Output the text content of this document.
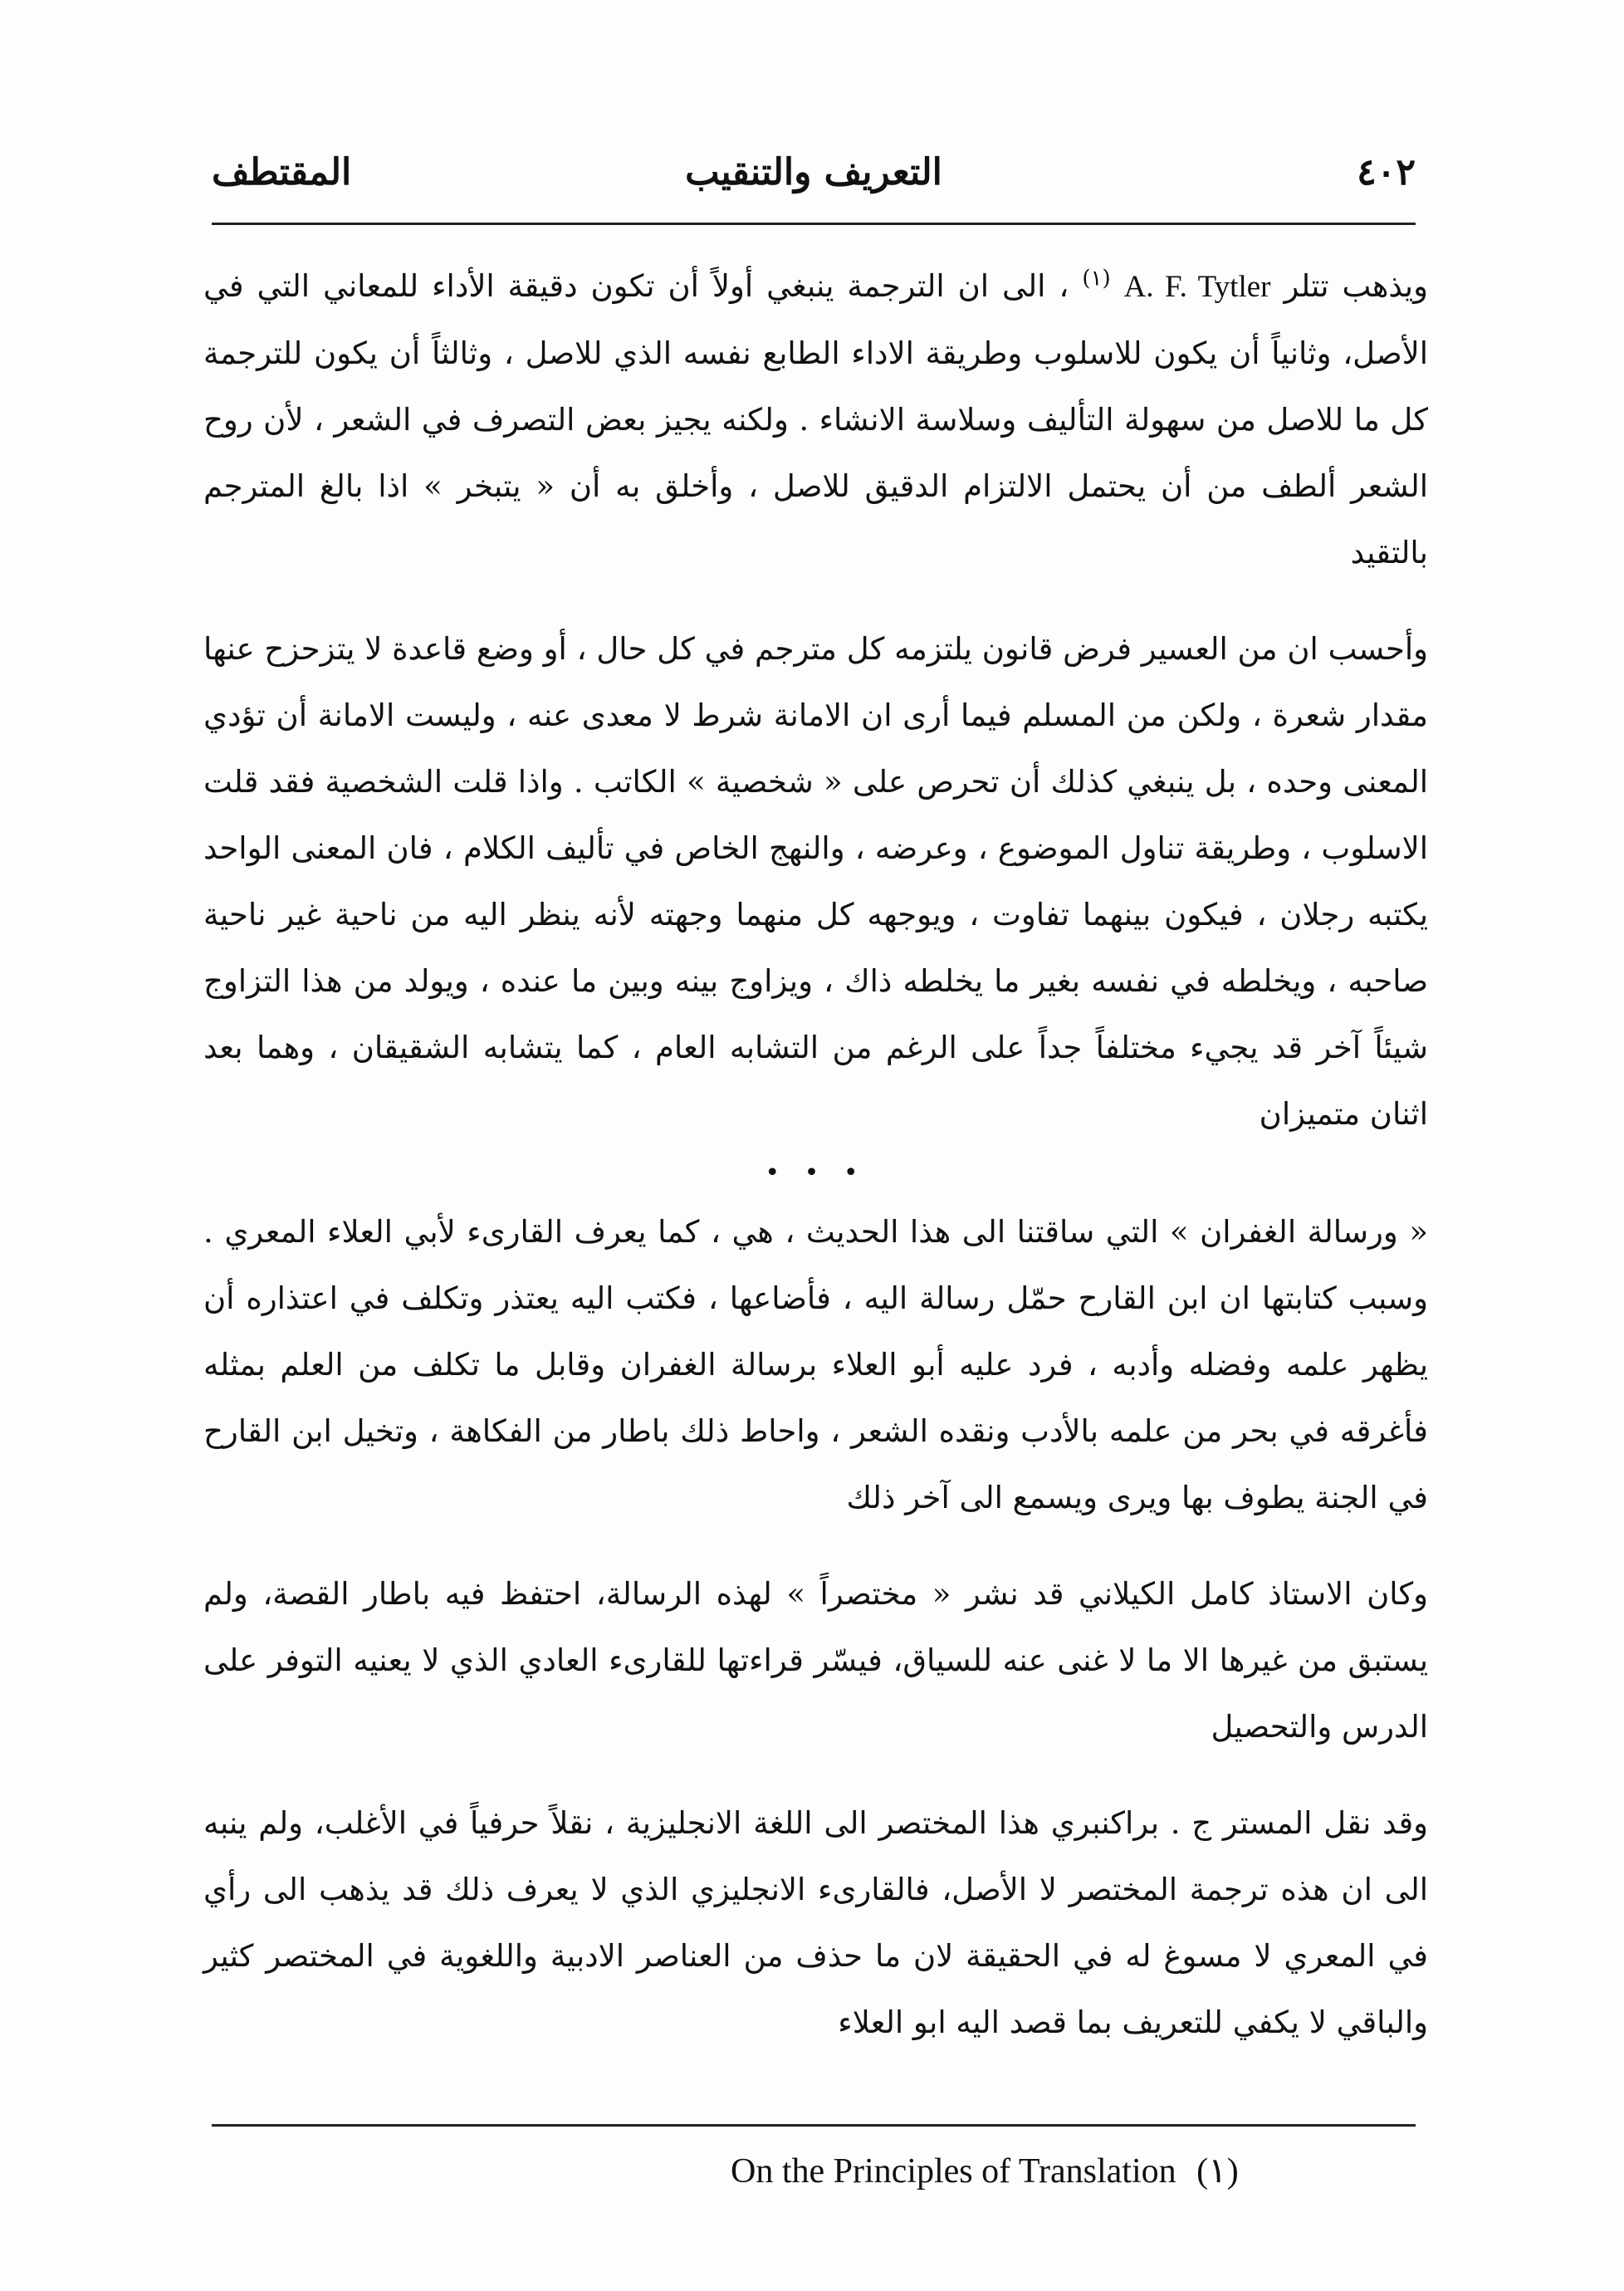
٤٠٢
التعريف والتنقيب
المقتطف

ويذهب تتلر A. F. Tytler $^{(١)}$ ، الى ان الترجمة ينبغي أولاً أن تكون دقيقة الأداء للمعاني التي في الأصل، وثانياً أن يكون للاسلوب وطريقة الاداء الطابع نفسه الذي للاصل ، وثالثاً أن يكون للترجمة كل ما للاصل من سهولة التأليف وسلاسة الانشاء . ولكنه يجيز بعض التصرف في الشعر ، لأن روح الشعر ألطف من أن يحتمل الالتزام الدقيق للاصل ، وأخلق به أن « يتبخر » اذا بالغ المترجم بالتقيد

وأحسب ان من العسير فرض قانون يلتزمه كل مترجم في كل حال ، أو وضع قاعدة لا يتزحزح عنها مقدار شعرة ، ولكن من المسلم فيما أرى ان الامانة شرط لا معدى عنه ، وليست الامانة أن تؤدي المعنى وحده ، بل ينبغي كذلك أن تحرص على « شخصية » الكاتب . واذا قلت الشخصية فقد قلت الاسلوب ، وطريقة تناول الموضوع ، وعرضه ، والنهج الخاص في تأليف الكلام ، فان المعنى الواحد يكتبه رجلان ، فيكون بينهما تفاوت ، ويوجهه كل منهما وجهته لأنه ينظر اليه من ناحية غير ناحية صاحبه ، ويخلطه في نفسه بغير ما يخلطه ذاك ، ويزاوج بينه وبين ما عنده ، ويولد من هذا التزاوج شيئاً آخر قد يجيء مختلفاً جداً على الرغم من التشابه العام ، كما يتشابه الشقيقان ، وهما بعد اثنان متميزان

• • •

« ورسالة الغفران » التي ساقتنا الى هذا الحديث ، هي ، كما يعرف القارىء لأبي العلاء المعري . وسبب كتابتها ان ابن القارح حمّل رسالة اليه ، فأضاعها ، فكتب اليه يعتذر وتكلف في اعتذاره أن يظهر علمه وفضله وأدبه ، فرد عليه أبو العلاء برسالة الغفران وقابل ما تكلف من العلم بمثله فأغرقه في بحر من علمه بالأدب ونقده الشعر ، واحاط ذلك باطار من الفكاهة ، وتخيل ابن القارح في الجنة يطوف بها ويرى ويسمع الى آخر ذلك

وكان الاستاذ كامل الكيلاني قد نشر « مختصراً » لهذه الرسالة، احتفظ فيه باطار القصة، ولم يستبق من غيرها الا ما لا غنى عنه للسياق، فيسّر قراءتها للقارىء العادي الذي لا يعنيه التوفر على الدرس والتحصيل

وقد نقل المستر ج . براكنبري هذا المختصر الى اللغة الانجليزية ، نقلاً حرفياً في الأغلب، ولم ينبه الى ان هذه ترجمة المختصر لا الأصل، فالقارىء الانجليزي الذي لا يعرف ذلك قد يذهب الى رأي في المعري لا مسوغ له في الحقيقة لان ما حذف من العناصر الادبية واللغوية في المختصر كثير والباقي لا يكفي للتعريف بما قصد اليه ابو العلاء

On the Principles of Translation (١)
